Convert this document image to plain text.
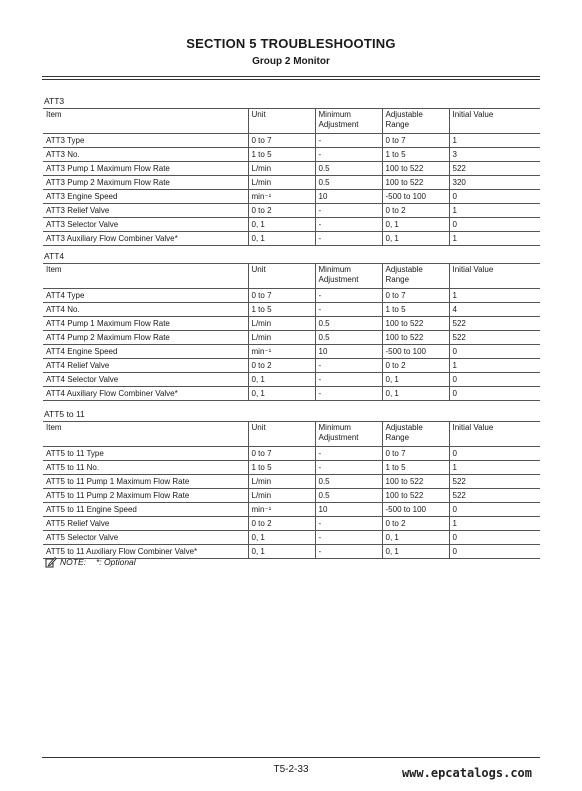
SECTION 5 TROUBLESHOOTING
Group 2 Monitor
ATT3
Item	Unit	Minimum Adjustment	Adjustable Range	Initial Value
ATT3 Type	0 to 7	-	0 to 7	1
ATT3 No.	1 to 5	-	1 to 5	3
ATT3 Pump 1 Maximum Flow Rate	L/min	0.5	100 to 522	522
ATT3 Pump 2 Maximum Flow Rate	L/min	0.5	100 to 522	320
ATT3 Engine Speed	min⁻¹	10	-500 to 100	0
ATT3 Relief Valve	0 to 2	-	0 to 2	1
ATT3 Selector Valve	0, 1	-	0, 1	0
ATT3 Auxiliary Flow Combiner Valve*	0, 1	-	0, 1	1
ATT4
Item	Unit	Minimum Adjustment	Adjustable Range	Initial Value
ATT4 Type	0 to 7	-	0 to 7	1
ATT4 No.	1 to 5	-	1 to 5	4
ATT4 Pump 1 Maximum Flow Rate	L/min	0.5	100 to 522	522
ATT4 Pump 2 Maximum Flow Rate	L/min	0.5	100 to 522	522
ATT4 Engine Speed	min⁻¹	10	-500 to 100	0
ATT4 Relief Valve	0 to 2	-	0 to 2	1
ATT4 Selector Valve	0, 1	-	0, 1	0
ATT4 Auxiliary Flow Combiner Valve*	0, 1	-	0, 1	0
ATT5 to 11
Item	Unit	Minimum Adjustment	Adjustable Range	Initial Value
ATT5 to 11 Type	0 to 7	-	0 to 7	0
ATT5 to 11 No.	1 to 5	-	1 to 5	1
ATT5 to 11 Pump 1 Maximum Flow Rate	L/min	0.5	100 to 522	522
ATT5 to 11 Pump 2 Maximum Flow Rate	L/min	0.5	100 to 522	522
ATT5 to 11 Engine Speed	min⁻¹	10	-500 to 100	0
ATT5 Relief Valve	0 to 2	-	0 to 2	1
ATT5 Selector Valve	0, 1	-	0, 1	0
ATT5 to 11 Auxiliary Flow Combiner Valve*	0, 1	-	0, 1	0
NOTE: *: Optional
T5-2-33	www.epcatalogs.com
